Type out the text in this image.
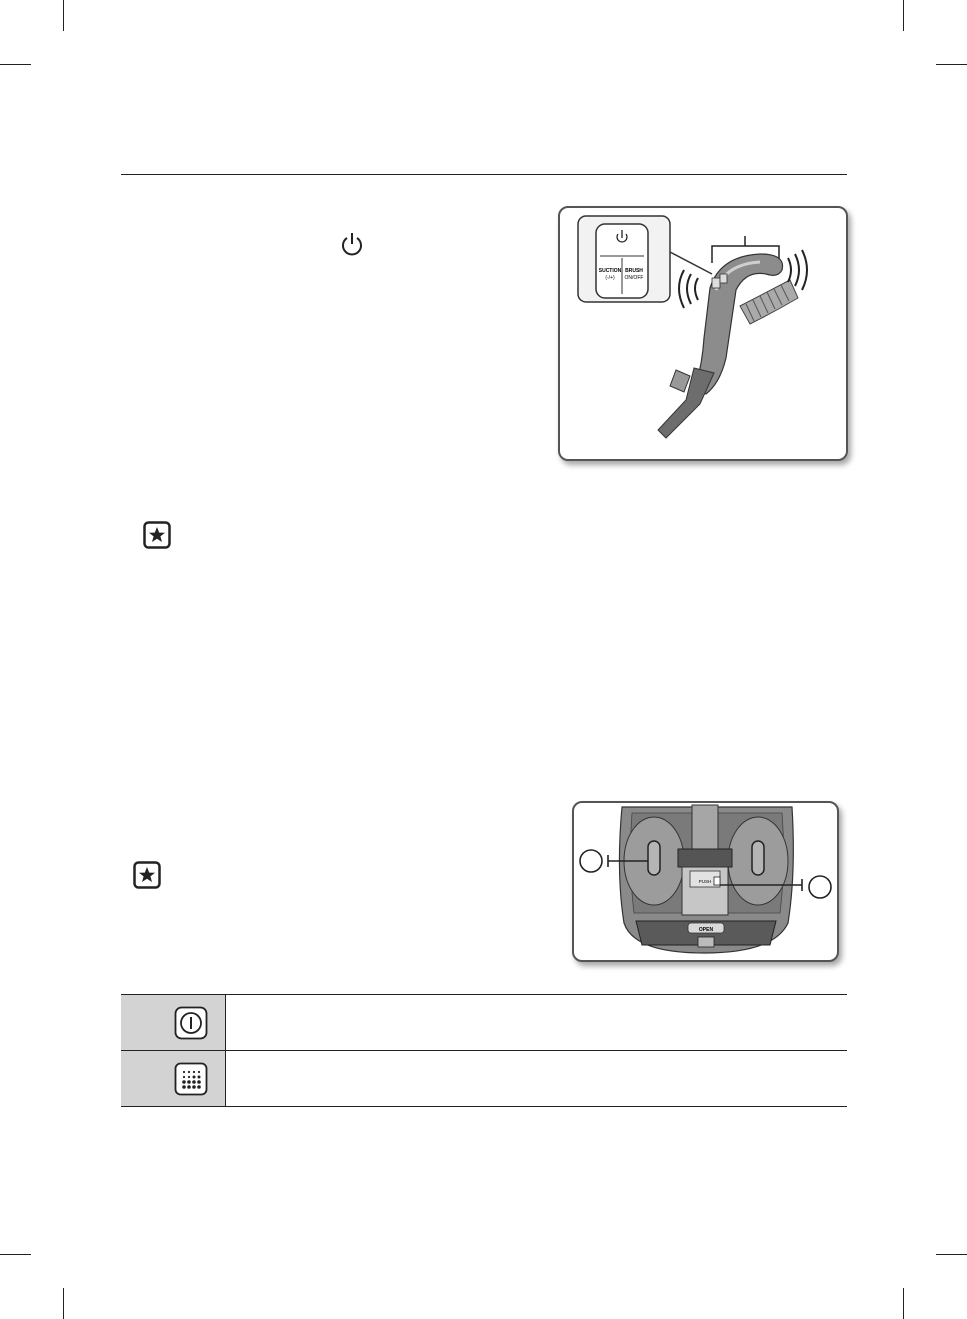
SUCTION
(-/+)
BRUSH
ON/OFF
PUSH
OPEN
